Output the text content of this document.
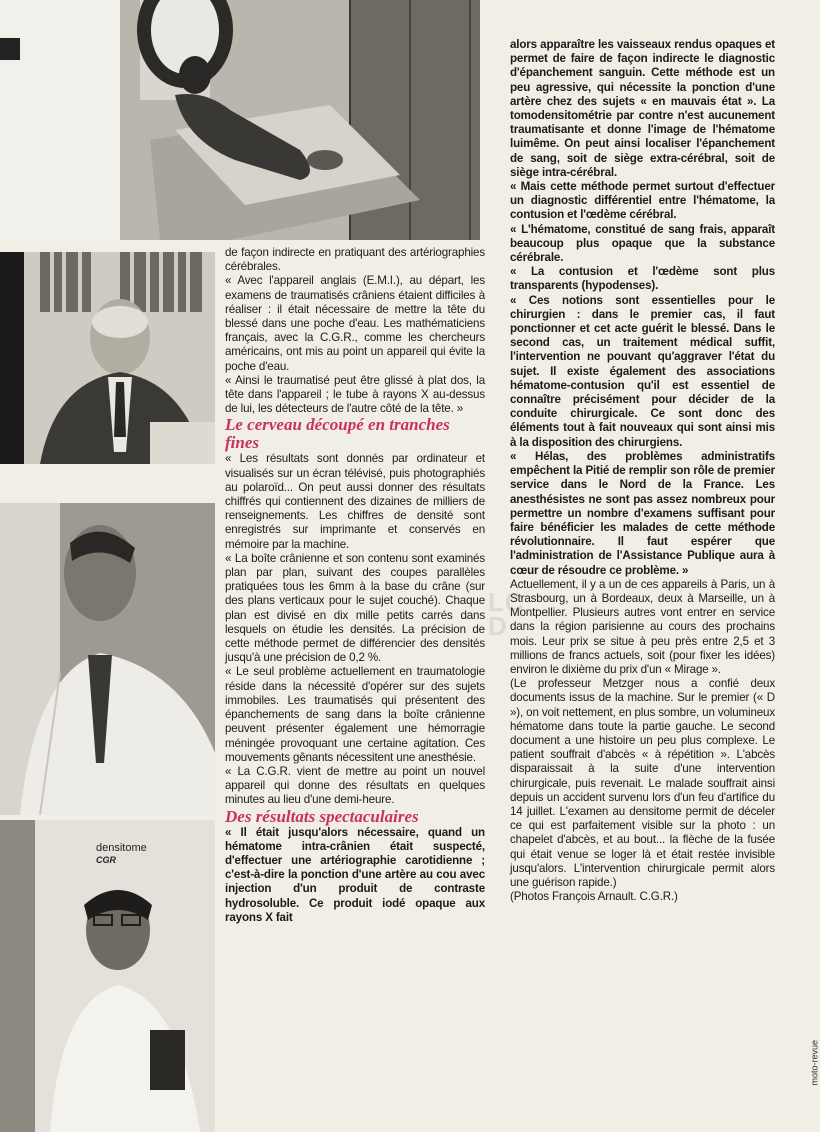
densitome
CGR

de façon indirecte en pratiquant des artériographies cérébrales.

« Avec l'appareil anglais (E.M.I.), au départ, les examens de traumatisés crâniens étaient difficiles à réaliser : il était nécessaire de mettre la tête du blessé dans une poche d'eau. Les mathématiciens français, avec la C.G.R., comme les chercheurs américains, ont mis au point un appareil qui évite la poche d'eau.

« Ainsi le traumatisé peut être glissé à plat dos, la tête dans l'appareil ; le tube à rayons X au-dessus de lui, les détecteurs de l'autre côté de la tête. »

Le cerveau découpé en tranches fines

« Les résultats sont donnés par ordinateur et visualisés sur un écran télévisé, puis photographiés au polaroïd... On peut aussi donner des résultats chiffrés qui contiennent des dizaines de milliers de renseignements. Les chiffres de densité sont enregistrés sur imprimante et conservés en mémoire par la machine.

« La boîte crânienne et son contenu sont examinés plan par plan, suivant des coupes parallèles pratiquées tous les 6mm à la base du crâne (sur des plans verticaux pour le sujet couché). Chaque plan est divisé en dix mille petits carrés dans lesquels on étudie les densités. La précision de cette méthode permet de différencier des densités jusqu'à une précision de 0,2 %.

« Le seul problème actuellement en traumatologie réside dans la nécessité d'opérer sur des sujets immobiles. Les traumatisés qui présentent des épanchements de sang dans la boîte crânienne peuvent présenter également une hémorragie méningée provoquant une certaine agitation. Ces mouvements gênants nécessitent une anesthésie.

« La C.G.R. vient de mettre au point un nouvel appareil qui donne des résultats en quelques minutes au lieu d'une demi-heure.

Des résultats spectaculaires

« Il était jusqu'alors nécessaire, quand un hématome intra-crânien était suspecté, d'effectuer une artériographie carotidienne ; c'est-à-dire la ponction d'une artère au cou avec injection d'un produit de contraste hydrosoluble. Ce produit iodé opaque aux rayons X fait

alors apparaître les vaisseaux rendus opaques et permet de faire de façon indirecte le diagnostic d'épanchement sanguin. Cette méthode est un peu agressive, qui nécessite la ponction d'une artère chez des sujets « en mauvais état ». La tomodensitométrie par contre n'est aucunement traumatisante et donne l'image de l'hématome luimême. On peut ainsi localiser l'épanchement de sang, soit de siège extra-cérébral, soit de siège intra-cérébral.

« Mais cette méthode permet surtout d'effectuer un diagnostic différentiel entre l'hématome, la contusion et l'œdème cérébral.

« L'hématome, constitué de sang frais, apparaît beaucoup plus opaque que la substance cérébrale.

« La contusion et l'œdème sont plus transparents (hypodenses).

« Ces notions sont essentielles pour le chirurgien : dans le premier cas, il faut ponctionner et cet acte guérit le blessé. Dans le second cas, un traitement médical suffit, l'intervention ne pouvant qu'aggraver l'état du sujet. Il existe également des associations hématome-contusion qu'il est essentiel de connaître précisément pour décider de la conduite chirurgicale. Ce sont donc des éléments tout à fait nouveaux qui sont ainsi mis à la disposition des chirurgiens.

« Hélas, des problèmes administratifs empêchent la Pitié de remplir son rôle de premier service dans le Nord de la France. Les anesthésistes ne sont pas assez nombreux pour permettre un nombre d'examens suffisant pour faire bénéficier les malades de cette méthode révolutionnaire. Il faut espérer que l'administration de l'Assistance Publique aura à cœur de résoudre ce problème. »

Actuellement, il y a un de ces appareils à Paris, un à Strasbourg, un à Bordeaux, deux à Marseille, un à Montpellier. Plusieurs autres vont entrer en service dans la région parisienne au cours des prochains mois. Leur prix se situe à peu près entre 2,5 et 3 millions de francs actuels, soit (pour fixer les idées) environ le dixième du prix d'un « Mirage ».

(Le professeur Metzger nous a confié deux documents issus de la machine. Sur le premier (« D »), on voit nettement, en plus sombre, un volumineux hématome dans toute la partie gauche. Le second document a une histoire un peu plus complexe. Le patient souffrait d'abcès « à répétition ». L'abcès disparaissait à la suite d'une intervention chirurgicale, puis revenait. Le malade souffrait ainsi depuis un accident survenu lors d'un feu d'artifice du 14 juillet. L'examen au densitome permit de déceler ce qui est parfaitement visible sur la photo : un chapelet d'abcès, et au bout... la flèche de la fusée qui était venue se loger là et était restée invisible jusqu'alors. L'intervention chirurgicale permit alors une guérison rapide.)

(Photos François Arnault. C.G.R.)

LC
D
moto-revue
